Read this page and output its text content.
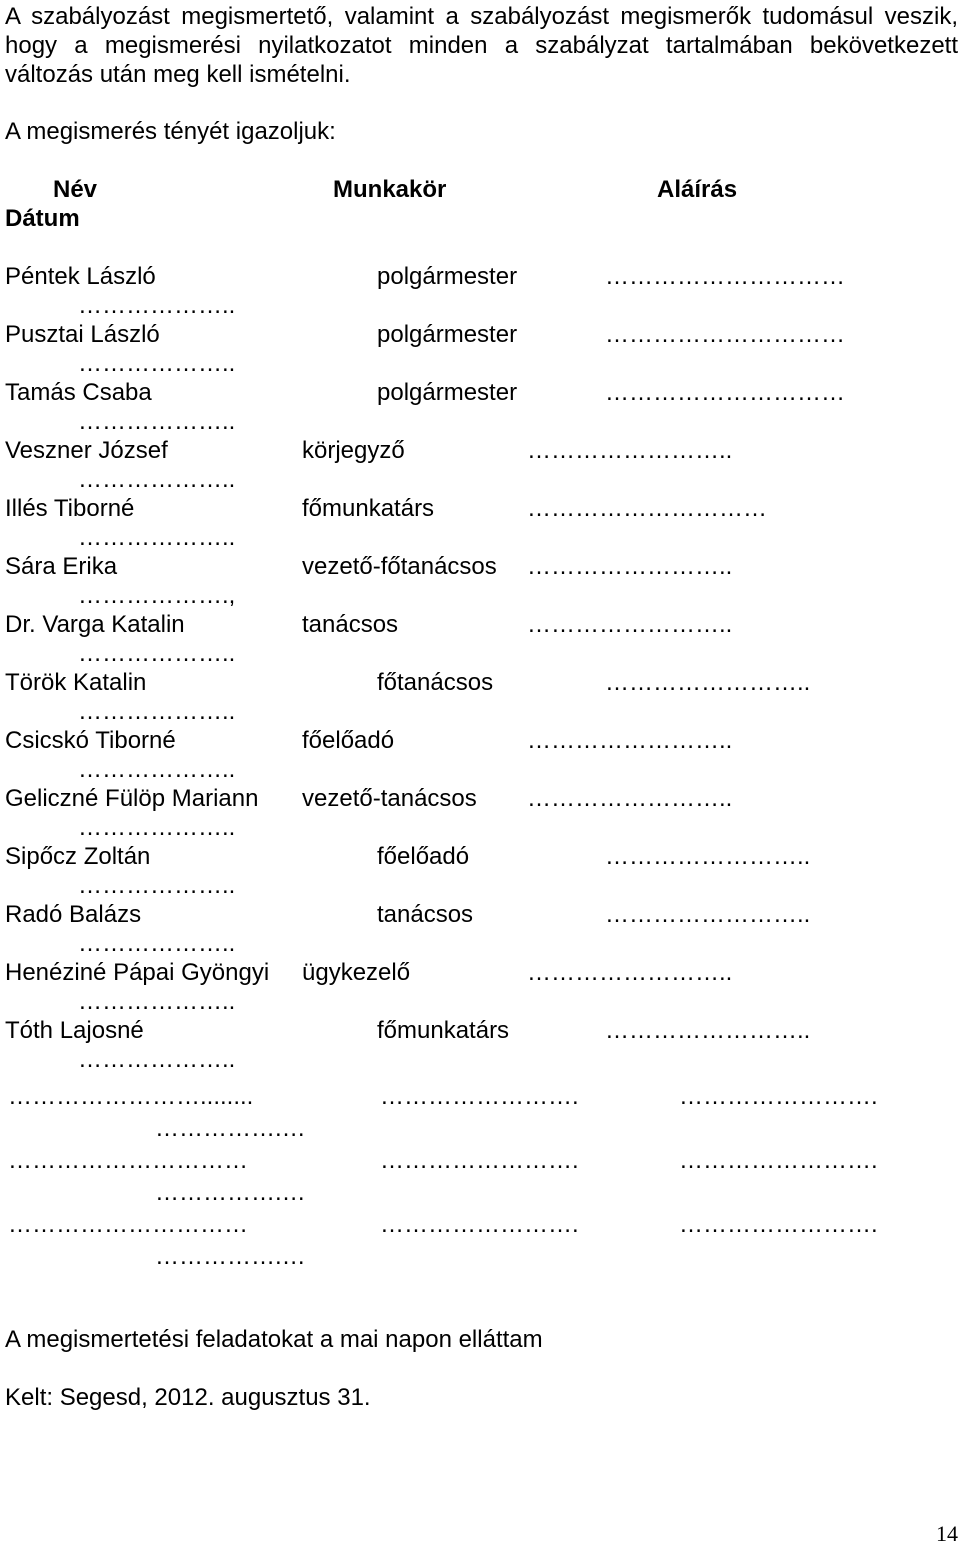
A szabályozást megismertető, valamint a szabályozást megismerők tudomásul veszik, hogy a megismerési nyilatkozatot minden a szabályzat tartalmában bekövetkezett változás után meg kell ismételni.

A megismerés tényét igazoljuk:

Név	Munkakör	Aláírás
Dátum
Péntek László	polgármester	…………………………
………………..
Pusztai László	polgármester	…………………………
………………..
Tamás Csaba	polgármester	…………………………
………………..
Veszner József	körjegyző	……………………..
………………..
Illés Tiborné	főmunkatárs	…………………………
………………..
Sára Erika	vezető-főtanácsos ……………………..
……………….,
Dr. Varga Katalin	tanácsos	……………………..
………………..
Török Katalin	főtanácsos	……………………..
………………..
Csicskó Tiborné	főelőadó	……………………..
………………..
Geliczné Fülöp Mariann vezető-tanácsos ……………………..
………………..
Sipőcz Zoltán	főelőadó	……………………..
………………..
Radó Balázs	tanácsos	……………………..
………………..
Henéziné Pápai Gyöngyi ügykezelő	……………………..
………………..
Tóth Lajosné	főmunkatárs	……………………..
………………..
……………………........	…………………….	…………………….
…………….…
…………………………	…………………….	…………………….
…………….…
…………………………	…………………….	…………………….
…………….…

A megismertetési feladatokat a mai napon elláttam

Kelt: Segesd, 2012. augusztus 31.

14
